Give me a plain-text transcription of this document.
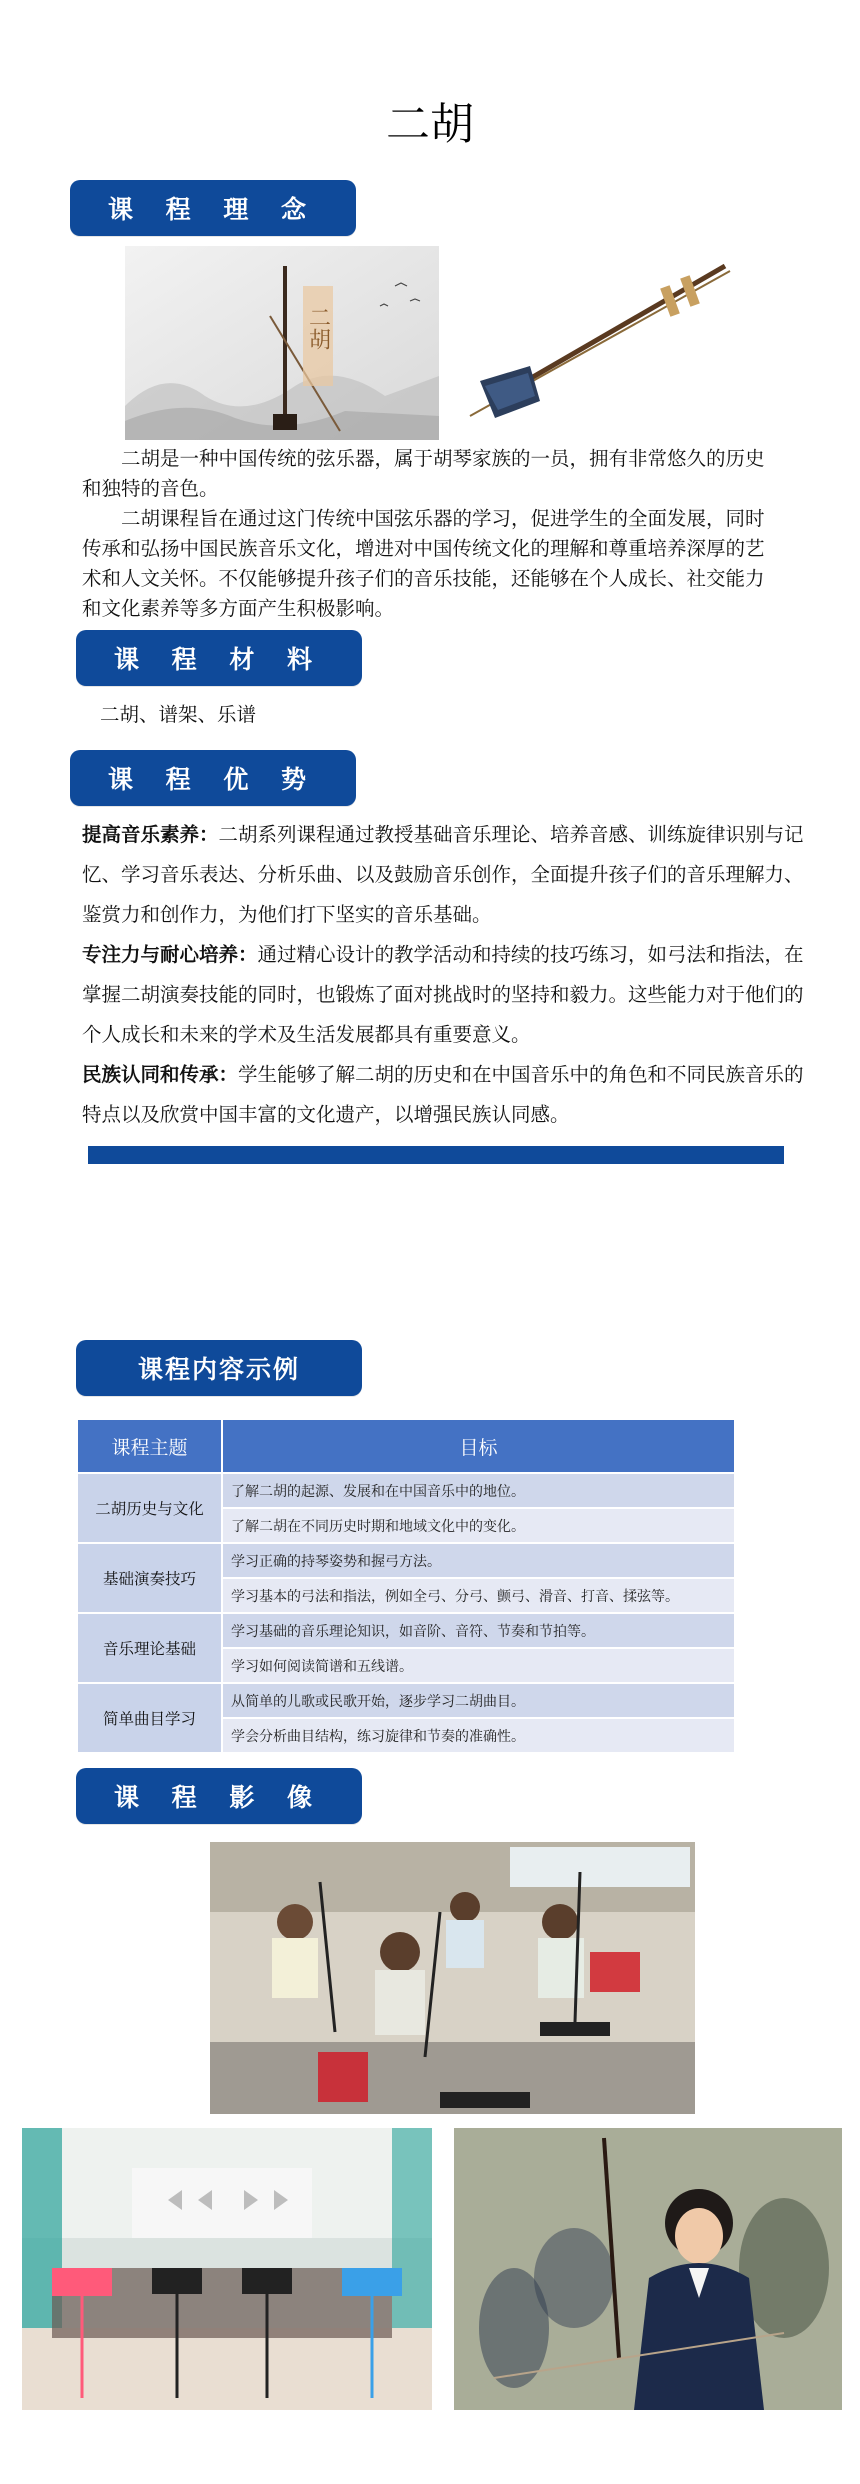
二胡
课 程 理 念
二胡

二胡是一种中国传统的弦乐器，属于胡琴家族的一员，拥有非常悠久的历史和独特的音色。

二胡课程旨在通过这门传统中国弦乐器的学习，促进学生的全面发展，同时传承和弘扬中国民族音乐文化，增进对中国传统文化的理解和尊重培养深厚的艺术和人文关怀。不仅能够提升孩子们的音乐技能，还能够在个人成长、社交能力和文化素养等多方面产生积极影响。

课 程 材 料
二胡、谱架、乐谱
课 程 优 势

提高音乐素养：二胡系列课程通过教授基础音乐理论、培养音感、训练旋律识别与记忆、学习音乐表达、分析乐曲、以及鼓励音乐创作，全面提升孩子们的音乐理解力、鉴赏力和创作力，为他们打下坚实的音乐基础。

专注力与耐心培养：通过精心设计的教学活动和持续的技巧练习，如弓法和指法，在掌握二胡演奏技能的同时，也锻炼了面对挑战时的坚持和毅力。这些能力对于他们的个人成长和未来的学术及生活发展都具有重要意义。

民族认同和传承：学生能够了解二胡的历史和在中国音乐中的角色和不同民族音乐的特点以及欣赏中国丰富的文化遗产，以增强民族认同感。

课程内容示例
课程主题	目标
二胡历史与文化	了解二胡的起源、发展和在中国音乐中的地位。
	了解二胡在不同历史时期和地域文化中的变化。
基础演奏技巧	学习正确的持琴姿势和握弓方法。
	学习基本的弓法和指法，例如全弓、分弓、颤弓、滑音、打音、揉弦等。
音乐理论基础	学习基础的音乐理论知识，如音阶、音符、节奏和节拍等。
	学习如何阅读简谱和五线谱。
简单曲目学习	从简单的儿歌或民歌开始，逐步学习二胡曲目。
	学会分析曲目结构，练习旋律和节奏的准确性。
课 程 影 像
